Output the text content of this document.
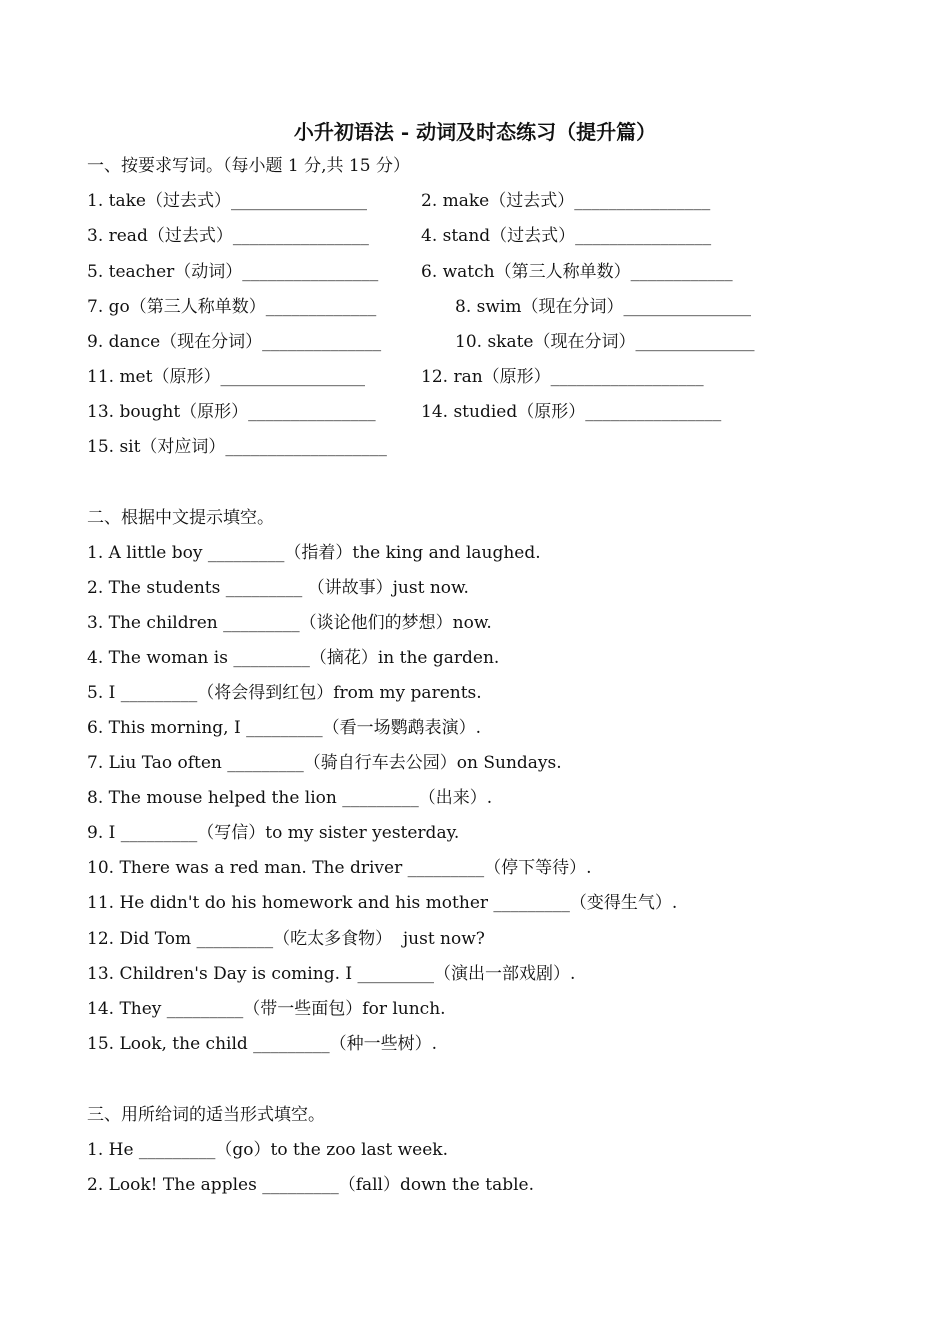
小升初语法 - 动词及时态练习（提升篇）
一、按要求写词。（每小题 1 分,共 15 分）
1. take（过去式）________________	2. make（过去式）________________
3. read（过去式）________________	4. stand（过去式）________________
5. teacher（动词）________________	6. watch（第三人称单数）____________
7. go（第三人称单数）_____________	8. swim（现在分词）_______________
9. dance（现在分词）______________	10. skate（现在分词）______________
11. met（原形）_________________	12. ran（原形）__________________
13. bought（原形）_______________	14. studied（原形）________________
15. sit（对应词）___________________
二、根据中文提示填空。
1. A little boy _________（指着）the king and laughed.
2. The students _________ （讲故事）just now.
3. The children _________（谈论他们的梦想）now.
4. The woman is _________（摘花）in the garden.
5. I _________（将会得到红包）from my parents.
6. This morning, I _________（看一场鹦鹉表演）.
7. Liu Tao often _________（骑自行车去公园）on Sundays.
8. The mouse helped the lion _________（出来）.
9. I _________（写信）to my sister yesterday.
10. There was a red man. The driver _________（停下等待）.
11. He didn't do his homework and his mother _________（变得生气）.
12. Did Tom _________（吃太多食物）  just now?
13. Children's Day is coming. I _________（演出一部戏剧）.
14. They _________（带一些面包）for lunch.
15. Look, the child _________（种一些树）.
三、用所给词的适当形式填空。
1. He _________（go）to the zoo last week.
2. Look! The apples _________（fall）down the table.
